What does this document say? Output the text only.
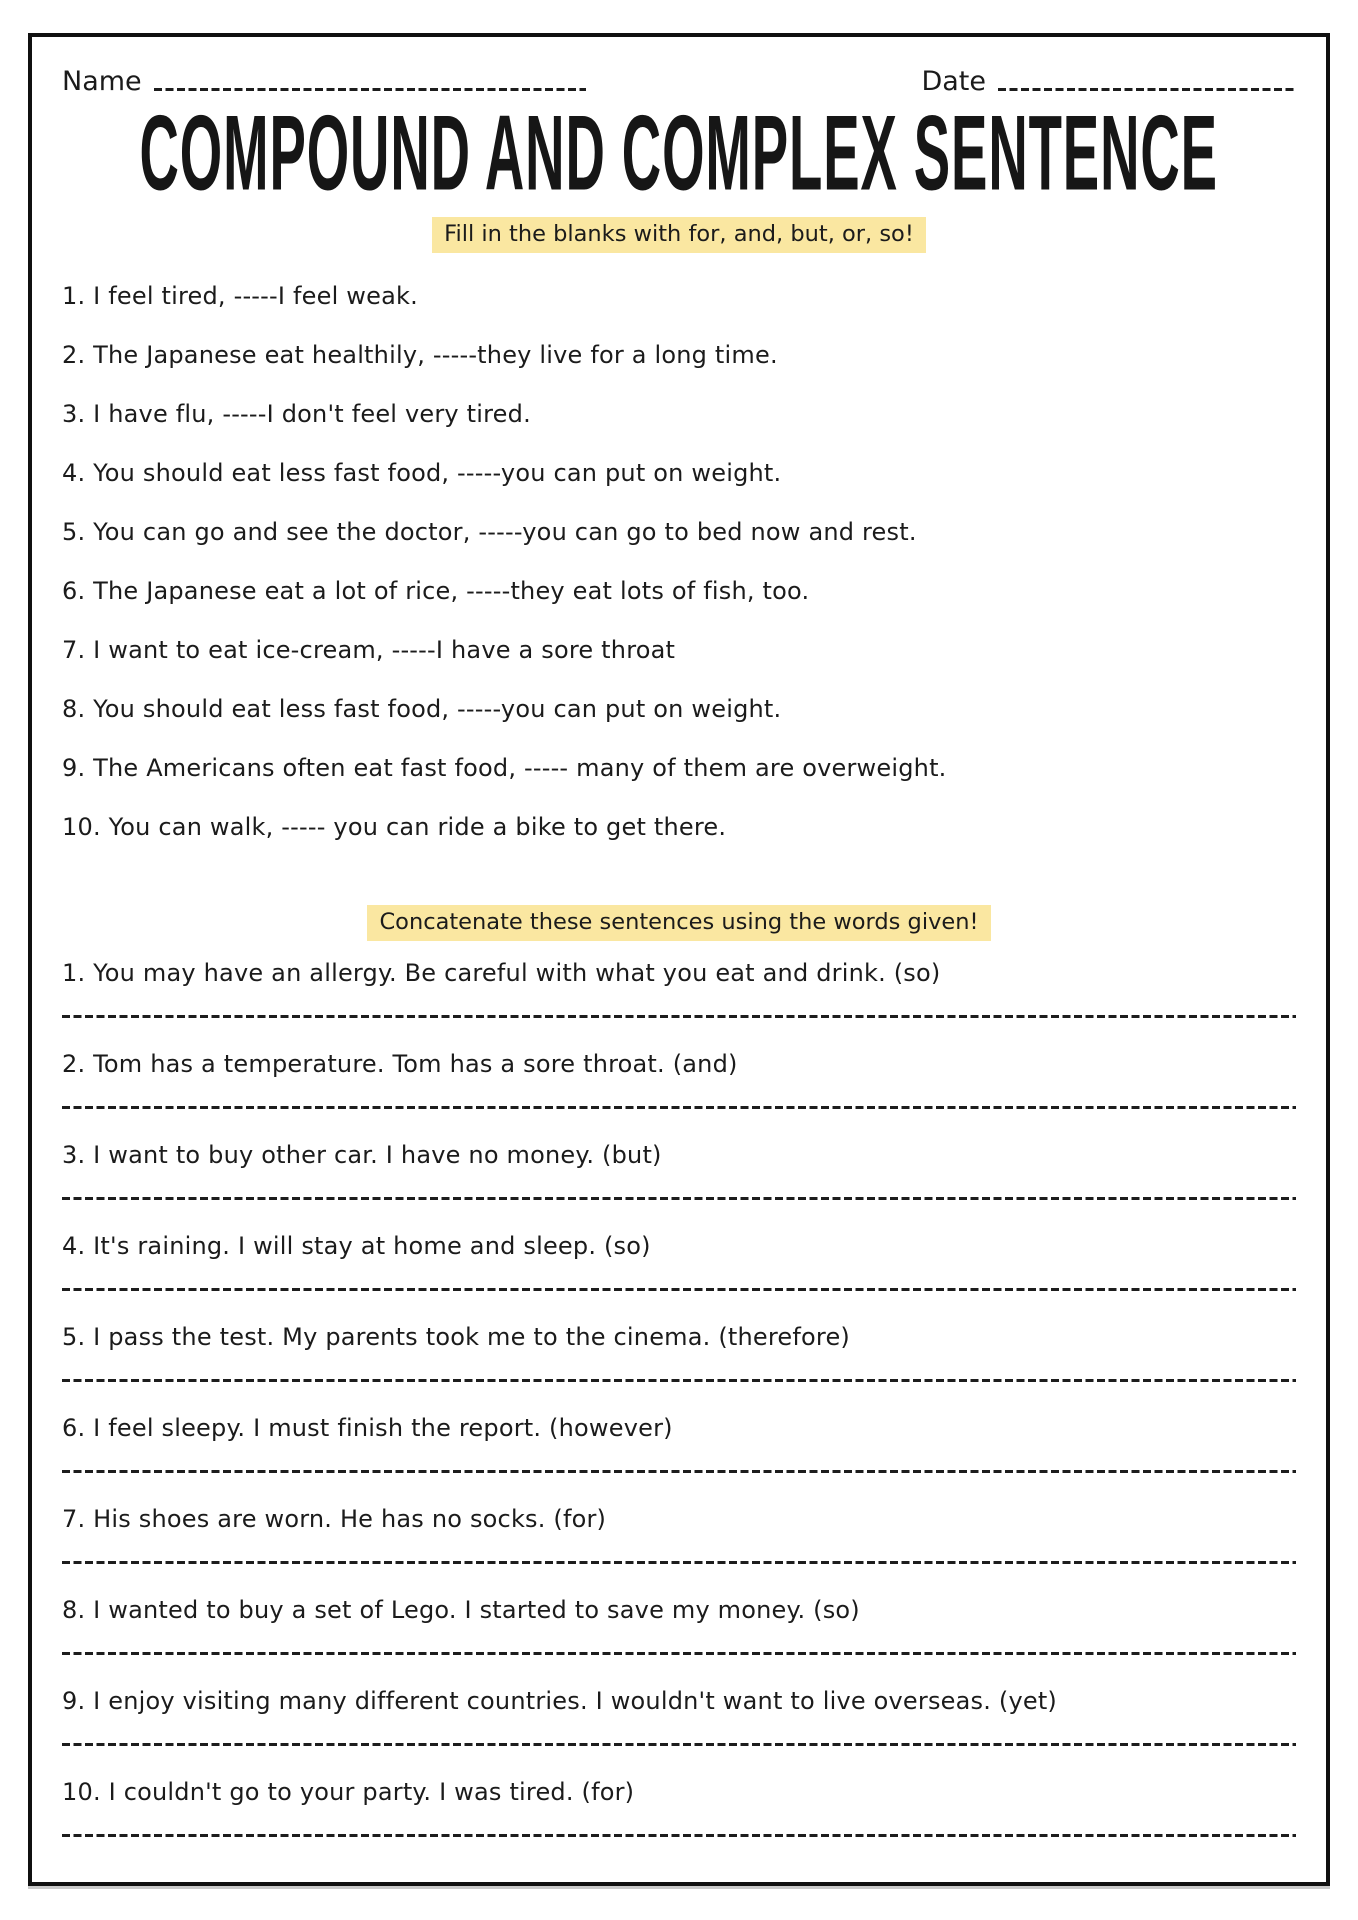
Name	Date
COMPOUND AND COMPLEX SENTENCE
Fill in the blanks with for, and, but, or, so!
1. I feel tired, -----I feel weak.
2. The Japanese eat healthily, -----they live for a long time.
3. I have flu, -----I don't feel very tired.
4. You should eat less fast food, -----you can put on weight.
5. You can go and see the doctor, -----you can go to bed now and rest.
6. The Japanese eat a lot of rice, -----they eat lots of fish, too.
7. I want to eat ice-cream, -----I have a sore throat
8. You should eat less fast food, -----you can put on weight.
9. The Americans often eat fast food, ----- many of them are overweight.
10. You can walk, ----- you can ride a bike to get there.
Concatenate these sentences using the words given!
1. You may have an allergy. Be careful with what you eat and drink. (so)
2. Tom has a temperature. Tom has a sore throat. (and)
3. I want to buy other car. I have no money. (but)
4. It's raining. I will stay at home and sleep. (so)
5. I pass the test. My parents took me to the cinema. (therefore)
6. I feel sleepy. I must finish the report. (however)
7. His shoes are worn. He has no socks. (for)
8. I wanted to buy a set of Lego. I started to save my money. (so)
9. I enjoy visiting many different countries. I wouldn't want to live overseas. (yet)
10. I couldn't go to your party. I was tired. (for)
